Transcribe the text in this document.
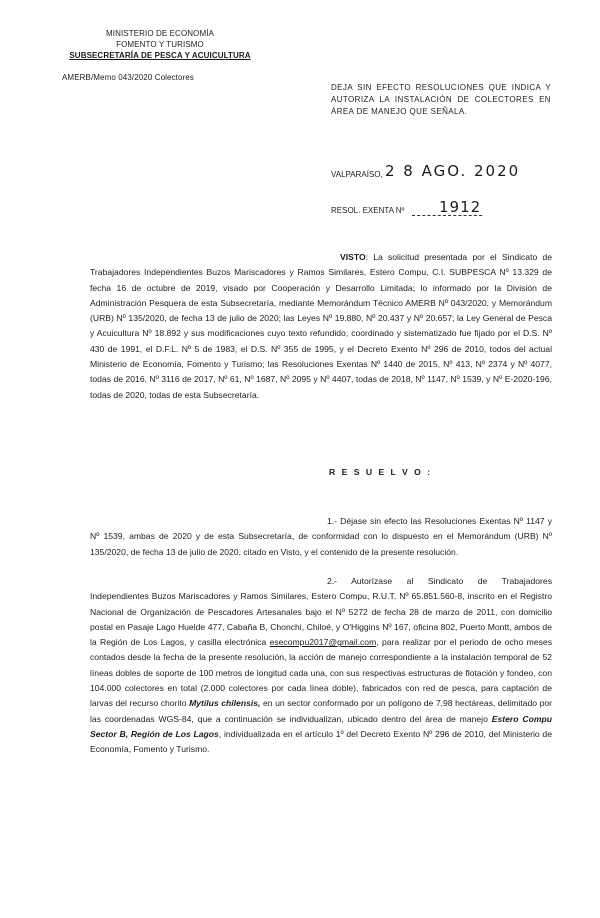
MINISTERIO DE ECONOMÍA
FOMENTO Y TURISMO
SUBSECRETARÍA DE PESCA Y ACUICULTURA
AMERB/Memo 043/2020 Colectores
DEJA SIN EFECTO RESOLUCIONES QUE INDICA Y AUTORIZA LA INSTALACIÓN DE COLECTORES EN ÁREA DE MANEJO QUE SEÑALA.
VALPARAÍSO, 2 8 AGO. 2020
RESOL. EXENTA Nº 1912
VISTO: La solicitud presentada por el Sindicato de Trabajadores Independientes Buzos Mariscadores y Ramos Similares, Estero Compu, C.I. SUBPESCA Nº 13.329 de fecha 16 de octubre de 2019, visado por Cooperación y Desarrollo Limitada; lo informado por la División de Administración Pesquera de esta Subsecretaría, mediante Memorándum Técnico AMERB Nº 043/2020, y Memorándum (URB) Nº 135/2020, de fecha 13 de julio de 2020; las Leyes Nº 19.880, Nº 20.437 y Nº 20.657; la Ley General de Pesca y Acuicultura Nº 18.892 y sus modificaciones cuyo texto refundido, coordinado y sistematizado fue fijado por el D.S. Nº 430 de 1991, el D.F.L. Nº 5 de 1983, el D.S. Nº 355 de 1995, y el Decreto Exento Nº 296 de 2010, todos del actual Ministerio de Economía, Fomento y Turismo; las Resoluciones Exentas Nº 1440 de 2015, Nº 413, Nº 2374 y Nº 4077, todas de 2016, Nº 3116 de 2017, Nº 61, Nº 1687, Nº 2095 y Nº 4407, todas de 2018, Nº 1147, Nº 1539, y Nº E-2020-196, todas de 2020, todas de esta Subsecretaría.
R E S U E L V O :
1.- Déjase sin efecto las Resoluciones Exentas Nº 1147 y Nº 1539, ambas de 2020 y de esta Subsecretaría, de conformidad con lo dispuesto en el Memorándum (URB) Nº 135/2020, de fecha 13 de julio de 2020, citado en Visto, y el contenido de la presente resolución.
2.- Autorízase al Sindicato de Trabajadores Independientes Buzos Mariscadores y Ramos Similares, Estero Compu, R.U.T. Nº 65.851.560-8, inscrito en el Registro Nacional de Organización de Pescadores Artesanales bajo el Nº 5272 de fecha 28 de marzo de 2011, con domicilio postal en Pasaje Lago Huelde 477, Cabaña B, Chonchi, Chiloé, y O'Higgins Nº 167, oficina 802, Puerto Montt, ambos de la Región de Los Lagos, y casilla electrónica esecompu2017@gmail.com, para realizar por el periodo de ocho meses contados desde la fecha de la presente resolución, la acción de manejo correspondiente a la instalación temporal de 52 líneas dobles de soporte de 100 metros de longitud cada una, con sus respectivas estructuras de flotación y fondeo, con 104.000 colectores en total (2.000 colectores por cada línea doble), fabricados con red de pesca, para captación de larvas del recurso chorito Mytilus chilensis, en un sector conformado por un polígono de 7,98 hectáreas, delimitado por las coordenadas WGS-84, que a continuación se individualizan, ubicado dentro del área de manejo Estero Compu Sector B, Región de Los Lagos, individualizada en el artículo 1º del Decreto Exento Nº 296 de 2010, del Ministerio de Economía, Fomento y Turismo.
